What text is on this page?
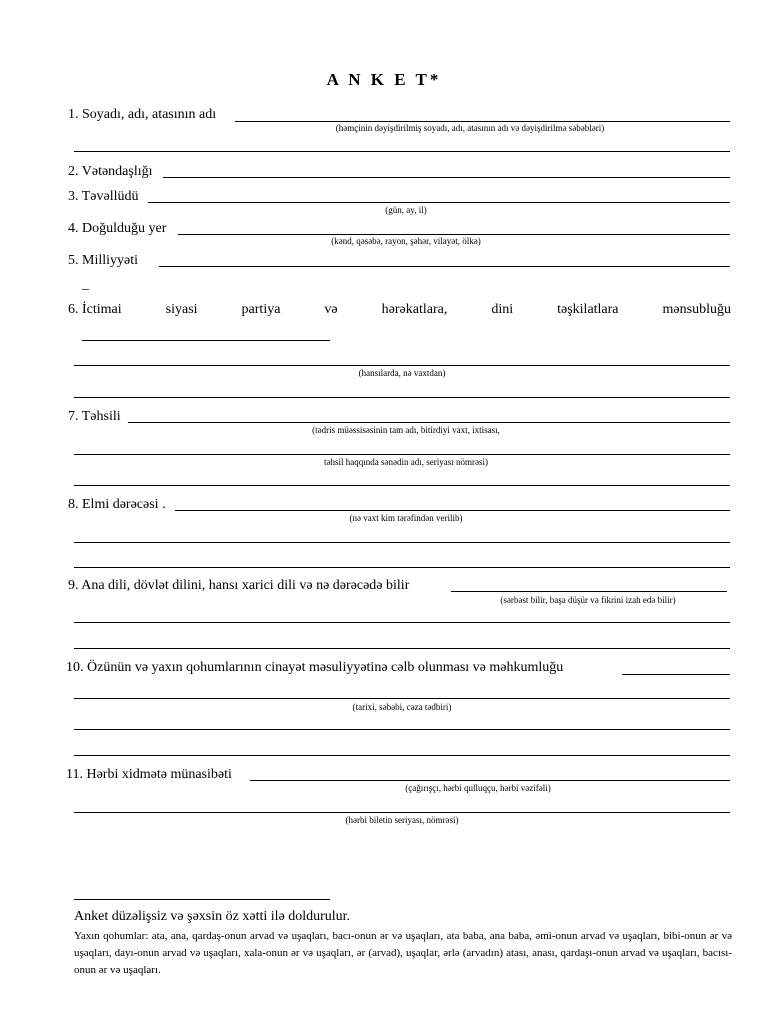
A N K E T*
1. Soyadı, adı, atasının adı
(həmçinin dəyişdirilmiş soyadı, adı, atasının adı və dəyişdirilmə səbəbləri)
2. Vətəndaşlığı
3. Təvəllüdü
(gün, ay, il)
4. Doğulduğu yer
(kənd, qəsəbə, rayon, şəhər, vilayət, ölkə)
5. Milliyyəti
_
6. İctimai	siyasi	partiya	və	hərəkatlara,	dini	təşkilatlara	mənsubluğu
(hansılarda, nə vaxtdan)
7. Təhsili
(tədris müəssisəsinin tam adı, bitirdiyi vaxt, ixtisası,
təhsil haqqında sənədin adı, seriyası nömrəsi)
8. Elmi dərəcəsi .
(nə vaxt kim tərəfindən verilib)
9. Ana dili, dövlət dilini, hansı xarici dili və nə dərəcədə bilir
(sərbəst bilir, başa düşür və fikrini izah edə bilir)
10. Özünün və yaxın qohumlarının cinayət məsuliyyətinə cəlb olunması və məhkumluğu
(tarixi, səbəbi, cəza tədbiri)
11. Hərbi xidmətə münasibəti
(çağırışçı, hərbi qulluqçu, hərbi vəzifəli)
(hərbi biletin seriyası, nömrəsi)
Anket düzəlişsiz və şəxsin öz xətti ilə doldurulur.
Yaxın qohumlar: ata, ana, qardaş-onun arvad və uşaqları, bacı-onun ər və uşaqları, ata baba, ana baba, əmi-onun arvad və uşaqları, bibi-onun ər və uşaqları, dayı-onun arvad və uşaqları, xala-onun ər və uşaqları, ər (arvad), uşaqlar, ərlə (arvadın) atası, anası, qardaşı-onun arvad və uşaqları, bacısı-onun ər və uşaqları.
